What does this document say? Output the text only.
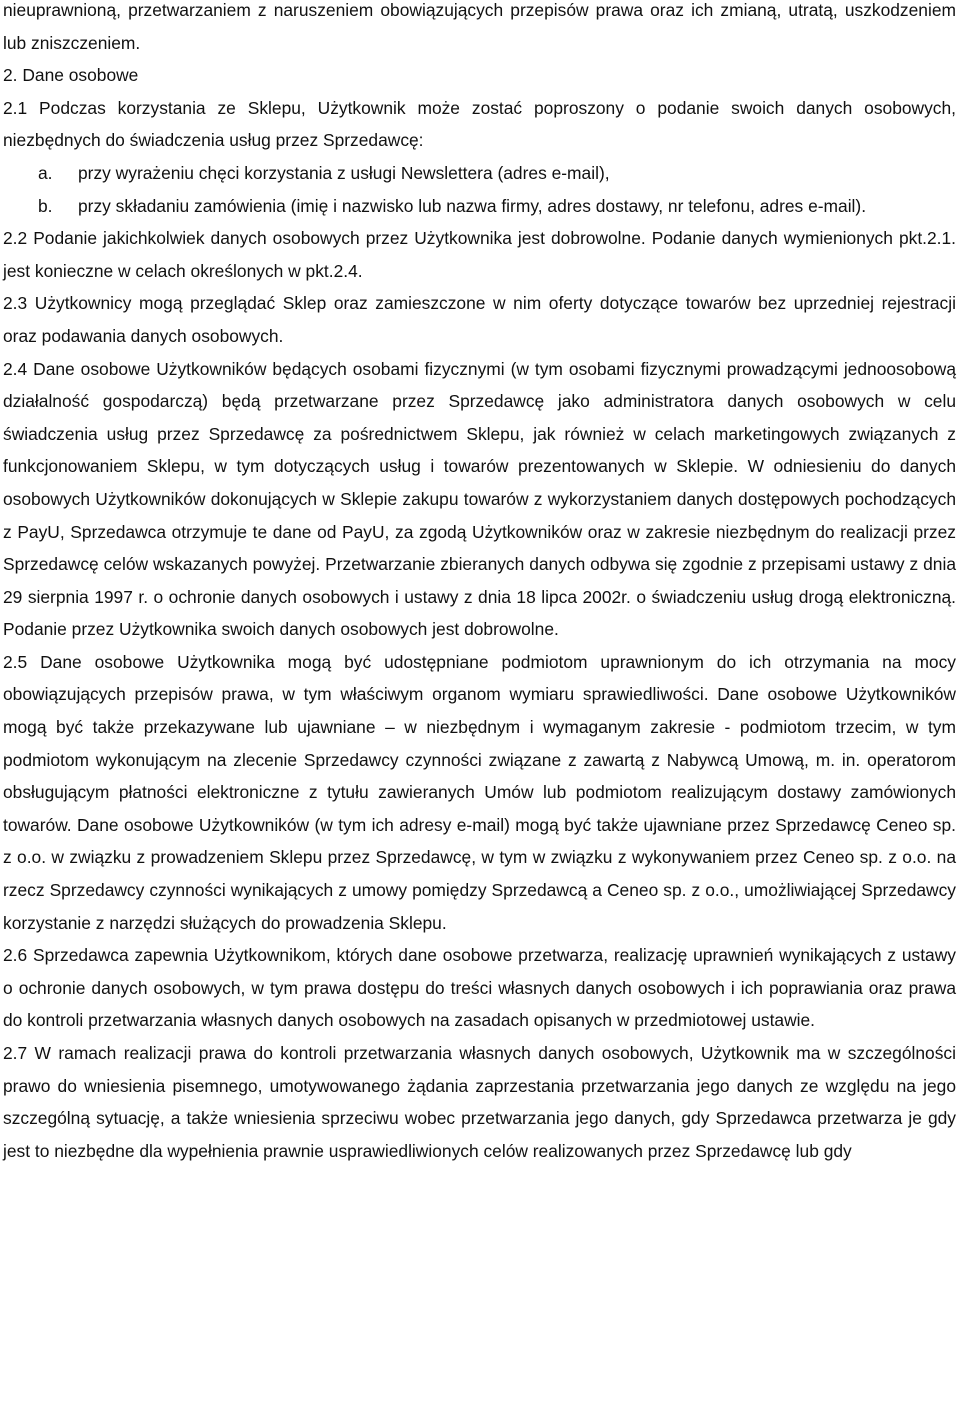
nieuprawnioną, przetwarzaniem z naruszeniem obowiązujących przepisów prawa oraz ich zmianą, utratą, uszkodzeniem lub zniszczeniem.

2. Dane osobowe

2.1 Podczas korzystania ze Sklepu, Użytkownik może zostać poproszony o podanie swoich danych osobowych, niezbędnych do świadczenia usług przez Sprzedawcę:

a.	przy wyrażeniu chęci korzystania z usługi Newslettera (adres e-mail),
b.	przy składaniu zamówienia (imię i nazwisko lub nazwa firmy, adres dostawy, nr telefonu, adres e-mail).

2.2 Podanie jakichkolwiek danych osobowych przez Użytkownika jest dobrowolne. Podanie danych wymienionych pkt.2.1. jest konieczne w celach określonych w pkt.2.4.

2.3 Użytkownicy mogą przeglądać Sklep oraz zamieszczone w nim oferty dotyczące towarów bez uprzedniej rejestracji oraz podawania danych osobowych.

2.4 Dane osobowe Użytkowników będących osobami fizycznymi (w tym osobami fizycznymi prowadzącymi jednoosobową działalność gospodarczą) będą przetwarzane przez Sprzedawcę jako administratora danych osobowych w celu świadczenia usług przez Sprzedawcę za pośrednictwem Sklepu, jak również w celach marketingowych związanych z funkcjonowaniem Sklepu, w tym dotyczących usług i towarów prezentowanych w Sklepie. W odniesieniu do danych osobowych Użytkowników dokonujących w Sklepie zakupu towarów z wykorzystaniem danych dostępowych pochodzących z PayU, Sprzedawca otrzymuje te dane od PayU, za zgodą Użytkowników oraz w zakresie niezbędnym do realizacji przez Sprzedawcę celów wskazanych powyżej. Przetwarzanie zbieranych danych odbywa się zgodnie z przepisami ustawy z dnia 29 sierpnia 1997 r. o ochronie danych osobowych i ustawy z dnia 18 lipca 2002r. o świadczeniu usług drogą elektroniczną. Podanie przez Użytkownika swoich danych osobowych jest dobrowolne.

2.5 Dane osobowe Użytkownika mogą być udostępniane podmiotom uprawnionym do ich otrzymania na mocy obowiązujących przepisów prawa, w tym właściwym organom wymiaru sprawiedliwości. Dane osobowe Użytkowników mogą być także przekazywane lub ujawniane – w niezbędnym i wymaganym zakresie - podmiotom trzecim, w tym podmiotom wykonującym na zlecenie Sprzedawcy czynności związane z zawartą z Nabywcą Umową, m. in. operatorom obsługującym płatności elektroniczne z tytułu zawieranych Umów lub podmiotom realizującym dostawy zamówionych towarów. Dane osobowe Użytkowników (w tym ich adresy e-mail) mogą być także ujawniane przez Sprzedawcę Ceneo sp. z o.o. w związku z prowadzeniem Sklepu przez Sprzedawcę, w tym w związku z wykonywaniem przez Ceneo sp. z o.o. na rzecz Sprzedawcy czynności wynikających z umowy pomiędzy Sprzedawcą a Ceneo sp. z o.o., umożliwiającej Sprzedawcy korzystanie z narzędzi służących do prowadzenia Sklepu.

2.6 Sprzedawca zapewnia Użytkownikom, których dane osobowe przetwarza, realizację uprawnień wynikających z ustawy o ochronie danych osobowych, w tym prawa dostępu do treści własnych danych osobowych i ich poprawiania oraz prawa do kontroli przetwarzania własnych danych osobowych na zasadach opisanych w przedmiotowej ustawie.

2.7 W ramach realizacji prawa do kontroli przetwarzania własnych danych osobowych, Użytkownik ma w szczególności prawo do wniesienia pisemnego, umotywowanego żądania zaprzestania przetwarzania jego danych ze względu na jego szczególną sytuację, a także wniesienia sprzeciwu wobec przetwarzania jego danych, gdy Sprzedawca przetwarza je gdy jest to niezbędne dla wypełnienia prawnie usprawiedliwionych celów realizowanych przez Sprzedawcę lub gdy
